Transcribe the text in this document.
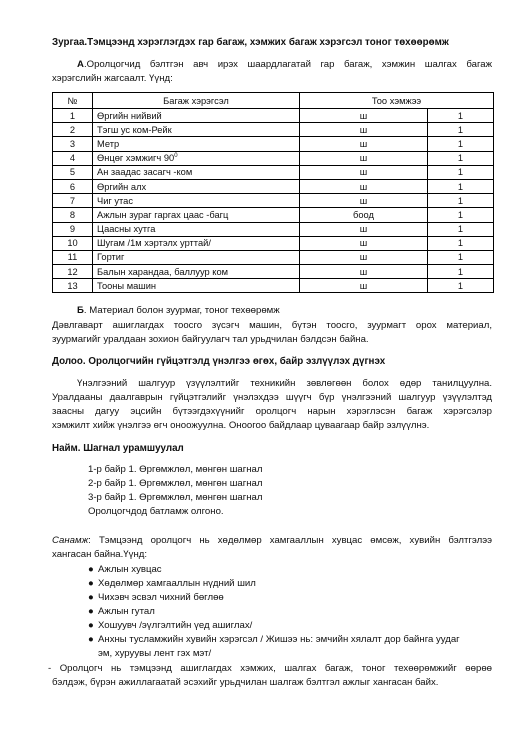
Зургаа.Тэмцээнд хэрэглэгдэх гар багаж, хэмжих багаж хэрэгсэл тоног төхөөрөмж
А.Оролцогчид бэлтгэн авч ирэх шаардлагатай гар багаж, хэмжин шалгах багаж
хэрэгслийн жагсаалт. Үүнд:
№	Багаж хэрэгсэл	Тоо хэмжээ	
1	Өргийн нийвий	ш	1
2	Тэгш ус ком-Рейк	ш	1
3	Метр	ш	1
4	Өнцөг хэмжигч $90^0$	ш	1
5	Ан заадас засагч -ком	ш	1
6	Өргийн алх	ш	1
7	Чиг утас	ш	1
8	Ажлын зураг гаргах цаас -багц	боод	1
9	Цаасны хутга	ш	1
10	Шугам /1м хэртэлх урттай/	ш	1
11	Гортиг	ш	1
12	Балын харандаа, баллуур ком	ш	1
13	Тооны машин	ш	1
Б. Материал болон зуурмаг, тоног техөөрөмж
Дәвлгаварт ашиглагдах тоосго зүсэгч машин, бүтэн тоосго, зуурмагт орох материал,
зуурмагийг уралдаан зохион байгуулагч тал урьдчилан бэлдсэн байна.
Долоо. Оролцогчийн гүйцэтгэлд үнэлгээ өгөх, байр эзлүүлэх дүгнэх
Үнэлгээний шалгуур үзүүлэлтийг техникийн зөвлөгөөн болох өдөр танилцуулна.
Уралдааны даалгаврын гүйцэтгэлийг үнэлэхдээ шүүгч бүр үнэлгээний шалгуур үзүүлэлтэд
заасны дагуу эцсийн бүтээгдэхүүнийг оролцогч нарын хэрэглэсэн багаж хэрэгсэлэр
хэмжилт хийж үнэлгээ өгч оноожуулна. Оноогоо байдлаар цуваагаар байр эзлүүлнэ.
Найм. Шагнал урамшуулал
1-р байр 1. Өргөмжлөл, мөнгөн шагнал
2-р байр 1. Өргөмжлөл, мөнгөн шагнал
3-р байр 1. Өргөмжлөл, мөнгөн шагнал
Оролцогчдод батламж олгоно.
Санамж: Тэмцээнд оролцогч нь хөдөлмөр хамгааллын хувцас өмсөж, хувийн бэлтгэлээ
хангасан байна.Үүнд:
● Ажлын хувцас
● Хөдөлмөр хамгааллын нүдний шил
● Чихэвч эсвэл чихний бөглөө
● Ажлын гутал
● Хошуувч /эүлгэлтийн үед ашиглах/
● Анхны тусламжийн хувийн хэрэгсэл / Жишээ нь: эмчийн хялалт дор байнга уудаг
эм, хуруувы лент гэх мэт/
- Оролцогч нь тэмцээнд ашиглагдах хэмжих, шалгах багаж, тоног техөөрөмжийг өөрөө
бэлдэж, бүрэн ажиллагаатай эсэхийг урьдчилан шалгаж бэлтгэл ажлыг хангасан байх.
